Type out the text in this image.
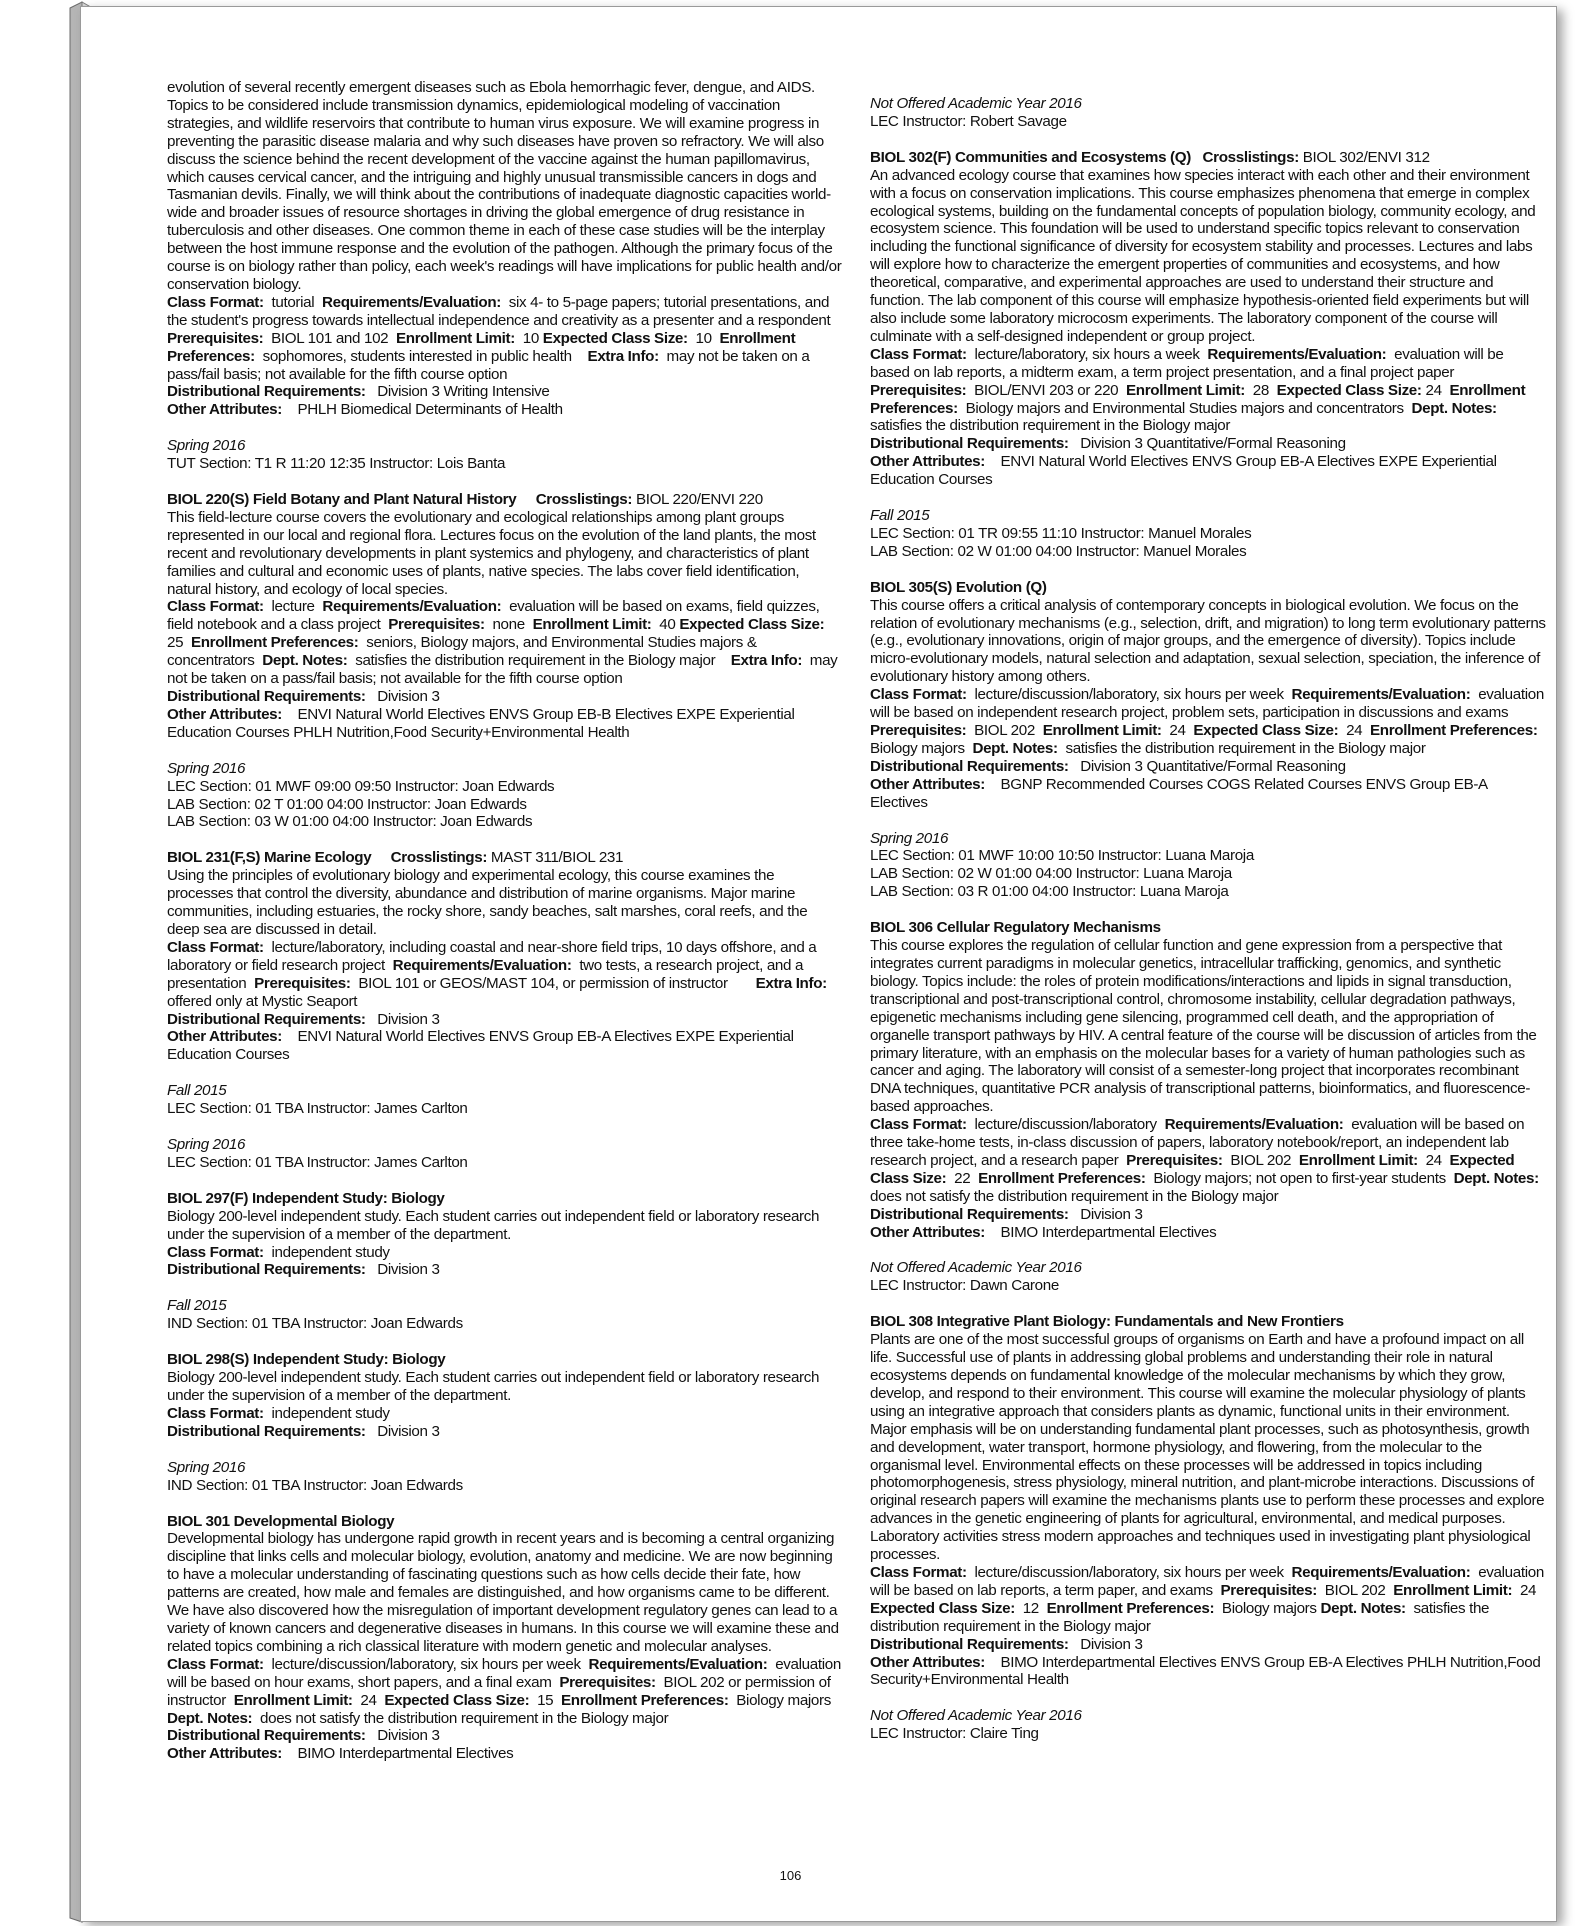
evolution of several recently emergent diseases such as Ebola hemorrhagic fever, dengue, and AIDS. Topics to be considered include transmission dynamics, epidemiological modeling of vaccination strategies, and wildlife reservoirs that contribute to human virus exposure. We will examine progress in preventing the parasitic disease malaria and why such diseases have proven so refractory. We will also discuss the science behind the recent development of the vaccine against the human papillomavirus, which causes cervical cancer, and the intriguing and highly unusual transmissible cancers in dogs and Tasmanian devils. Finally, we will think about the contributions of inadequate diagnostic capacities world-wide and broader issues of resource shortages in driving the global emergence of drug resistance in tuberculosis and other diseases. One common theme in each of these case studies will be the interplay between the host immune response and the evolution of the pathogen. Although the primary focus of the course is on biology rather than policy, each week's readings will have implications for public health and/or conservation biology.

Class Format: tutorial Requirements/Evaluation: six 4- to 5-page papers; tutorial presentations, and the student's progress towards intellectual independence and creativity as a presenter and a respondent  Prerequisites: BIOL 101 and 102 Enrollment Limit: 10 Expected Class Size: 10 Enrollment Preferences: sophomores, students interested in public health Extra Info: may not be taken on a pass/fail basis; not available for the fifth course option

Distributional Requirements: Division 3 Writing Intensive

Other Attributes: PHLH Biomedical Determinants of Health

Spring 2016

TUT Section: T1 R 11:20 12:35 Instructor: Lois Banta

BIOL 220(S) Field Botany and Plant Natural History Crosslistings: BIOL 220/ENVI 220

This field-lecture course covers the evolutionary and ecological relationships among plant groups represented in our local and regional flora. Lectures focus on the evolution of the land plants, the most recent and revolutionary developments in plant systemics and phylogeny, and characteristics of plant families and cultural and economic uses of plants, native species. The labs cover field identification, natural history, and ecology of local species.

Class Format: lecture Requirements/Evaluation: evaluation will be based on exams, field quizzes, field notebook and a class project Prerequisites: none Enrollment Limit: 40 Expected Class Size:  25 Enrollment Preferences: seniors, Biology majors, and Environmental Studies majors & concentrators Dept. Notes: satisfies the distribution requirement in the Biology major Extra Info: may not be taken on a pass/fail basis; not available for the fifth course option

Distributional Requirements: Division 3

Other Attributes: ENVI Natural World Electives ENVS Group EB-B Electives EXPE Experiential Education Courses PHLH Nutrition,Food Security+Environmental Health

Spring 2016

LEC Section: 01 MWF 09:00 09:50 Instructor: Joan Edwards

LAB Section: 02 T 01:00 04:00 Instructor: Joan Edwards

LAB Section: 03 W 01:00 04:00 Instructor: Joan Edwards

BIOL 231(F,S) Marine Ecology Crosslistings: MAST 311/BIOL 231

Using the principles of evolutionary biology and experimental ecology, this course examines the processes that control the diversity, abundance and distribution of marine organisms. Major marine communities, including estuaries, the rocky shore, sandy beaches, salt marshes, coral reefs, and the deep sea are discussed in detail.

Class Format: lecture/laboratory, including coastal and near-shore field trips, 10 days offshore, and a laboratory or field research project Requirements/Evaluation: two tests, a research project, and a presentation Prerequisites: BIOL 101 or GEOS/MAST 104, or permission of instructor Extra Info:  offered only at Mystic Seaport

Distributional Requirements: Division 3

Other Attributes: ENVI Natural World Electives ENVS Group EB-A Electives EXPE Experiential Education Courses

Fall 2015

LEC Section: 01 TBA Instructor: James Carlton

Spring 2016

LEC Section: 01 TBA Instructor: James Carlton

BIOL 297(F) Independent Study: Biology

Biology 200-level independent study. Each student carries out independent field or laboratory research under the supervision of a member of the department.

Class Format: independent study

Distributional Requirements: Division 3

Fall 2015

IND Section: 01 TBA Instructor: Joan Edwards

BIOL 298(S) Independent Study: Biology

Biology 200-level independent study. Each student carries out independent field or laboratory research under the supervision of a member of the department.

Class Format: independent study

Distributional Requirements: Division 3

Spring 2016

IND Section: 01 TBA Instructor: Joan Edwards

BIOL 301 Developmental Biology

Developmental biology has undergone rapid growth in recent years and is becoming a central organizing discipline that links cells and molecular biology, evolution, anatomy and medicine. We are now beginning to have a molecular understanding of fascinating questions such as how cells decide their fate, how patterns are created, how male and females are distinguished, and how organisms came to be different. We have also discovered how the misregulation of important development regulatory genes can lead to a variety of known cancers and degenerative diseases in humans. In this course we will examine these and related topics combining a rich classical literature with modern genetic and molecular analyses.

Class Format: lecture/discussion/laboratory, six hours per week Requirements/Evaluation: evaluation will be based on hour exams, short papers, and a final exam Prerequisites: BIOL 202 or permission of instructor Enrollment Limit: 24 Expected Class Size: 15 Enrollment Preferences: Biology majors  Dept. Notes: does not satisfy the distribution requirement in the Biology major

Distributional Requirements: Division 3

Other Attributes: BIMO Interdepartmental Electives

Not Offered Academic Year 2016

LEC Instructor: Robert Savage

BIOL 302(F) Communities and Ecosystems (Q) Crosslistings: BIOL 302/ENVI 312

An advanced ecology course that examines how species interact with each other and their environment with a focus on conservation implications. This course emphasizes phenomena that emerge in complex ecological systems, building on the fundamental concepts of population biology, community ecology, and ecosystem science. This foundation will be used to understand specific topics relevant to conservation including the functional significance of diversity for ecosystem stability and processes. Lectures and labs will explore how to characterize the emergent properties of communities and ecosystems, and how theoretical, comparative, and experimental approaches are used to understand their structure and function. The lab component of this course will emphasize hypothesis-oriented field experiments but will also include some laboratory microcosm experiments. The laboratory component of the course will culminate with a self-designed independent or group project.

Class Format: lecture/laboratory, six hours a week Requirements/Evaluation: evaluation will be based on lab reports, a midterm exam, a term project presentation, and a final project paper  Prerequisites: BIOL/ENVI 203 or 220 Enrollment Limit: 28 Expected Class Size: 24 Enrollment Preferences: Biology majors and Environmental Studies majors and concentrators Dept. Notes:  satisfies the distribution requirement in the Biology major

Distributional Requirements: Division 3 Quantitative/Formal Reasoning

Other Attributes: ENVI Natural World Electives ENVS Group EB-A Electives EXPE Experiential Education Courses

Fall 2015

LEC Section: 01 TR 09:55 11:10 Instructor: Manuel Morales

LAB Section: 02 W 01:00 04:00 Instructor: Manuel Morales

BIOL 305(S) Evolution (Q)

This course offers a critical analysis of contemporary concepts in biological evolution. We focus on the relation of evolutionary mechanisms (e.g., selection, drift, and migration) to long term evolutionary patterns (e.g., evolutionary innovations, origin of major groups, and the emergence of diversity). Topics include micro-evolutionary models, natural selection and adaptation, sexual selection, speciation, the inference of evolutionary history among others.

Class Format: lecture/discussion/laboratory, six hours per week Requirements/Evaluation: evaluation will be based on independent research project, problem sets, participation in discussions and exams  Prerequisites: BIOL 202 Enrollment Limit: 24 Expected Class Size: 24 Enrollment Preferences:  Biology majors Dept. Notes: satisfies the distribution requirement in the Biology major

Distributional Requirements: Division 3 Quantitative/Formal Reasoning

Other Attributes: BGNP Recommended Courses COGS Related Courses ENVS Group EB-A Electives

Spring 2016

LEC Section: 01 MWF 10:00 10:50 Instructor: Luana Maroja

LAB Section: 02 W 01:00 04:00 Instructor: Luana Maroja

LAB Section: 03 R 01:00 04:00 Instructor: Luana Maroja

BIOL 306 Cellular Regulatory Mechanisms

This course explores the regulation of cellular function and gene expression from a perspective that integrates current paradigms in molecular genetics, intracellular trafficking, genomics, and synthetic biology. Topics include: the roles of protein modifications/interactions and lipids in signal transduction, transcriptional and post-transcriptional control, chromosome instability, cellular degradation pathways, epigenetic mechanisms including gene silencing, programmed cell death, and the appropriation of organelle transport pathways by HIV. A central feature of the course will be discussion of articles from the primary literature, with an emphasis on the molecular bases for a variety of human pathologies such as cancer and aging. The laboratory will consist of a semester-long project that incorporates recombinant DNA techniques, quantitative PCR analysis of transcriptional patterns, bioinformatics, and fluorescence-based approaches.

Class Format: lecture/discussion/laboratory Requirements/Evaluation: evaluation will be based on three take-home tests, in-class discussion of papers, laboratory notebook/report, an independent lab research project, and a research paper Prerequisites: BIOL 202 Enrollment Limit: 24 Expected Class Size: 22 Enrollment Preferences: Biology majors; not open to first-year students Dept. Notes:  does not satisfy the distribution requirement in the Biology major

Distributional Requirements: Division 3

Other Attributes: BIMO Interdepartmental Electives

Not Offered Academic Year 2016

LEC Instructor: Dawn Carone

BIOL 308 Integrative Plant Biology: Fundamentals and New Frontiers

Plants are one of the most successful groups of organisms on Earth and have a profound impact on all life. Successful use of plants in addressing global problems and understanding their role in natural ecosystems depends on fundamental knowledge of the molecular mechanisms by which they grow, develop, and respond to their environment. This course will examine the molecular physiology of plants using an integrative approach that considers plants as dynamic, functional units in their environment. Major emphasis will be on understanding fundamental plant processes, such as photosynthesis, growth and development, water transport, hormone physiology, and flowering, from the molecular to the organismal level. Environmental effects on these processes will be addressed in topics including photomorphogenesis, stress physiology, mineral nutrition, and plant-microbe interactions. Discussions of original research papers will examine the mechanisms plants use to perform these processes and explore advances in the genetic engineering of plants for agricultural, environmental, and medical purposes. Laboratory activities stress modern approaches and techniques used in investigating plant physiological processes.

Class Format: lecture/discussion/laboratory, six hours per week Requirements/Evaluation: evaluation will be based on lab reports, a term paper, and exams Prerequisites: BIOL 202 Enrollment Limit: 24  Expected Class Size: 12 Enrollment Preferences: Biology majors Dept. Notes: satisfies the distribution requirement in the Biology major

Distributional Requirements: Division 3

Other Attributes: BIMO Interdepartmental Electives ENVS Group EB-A Electives PHLH Nutrition,Food Security+Environmental Health

Not Offered Academic Year 2016

LEC Instructor: Claire Ting

106
